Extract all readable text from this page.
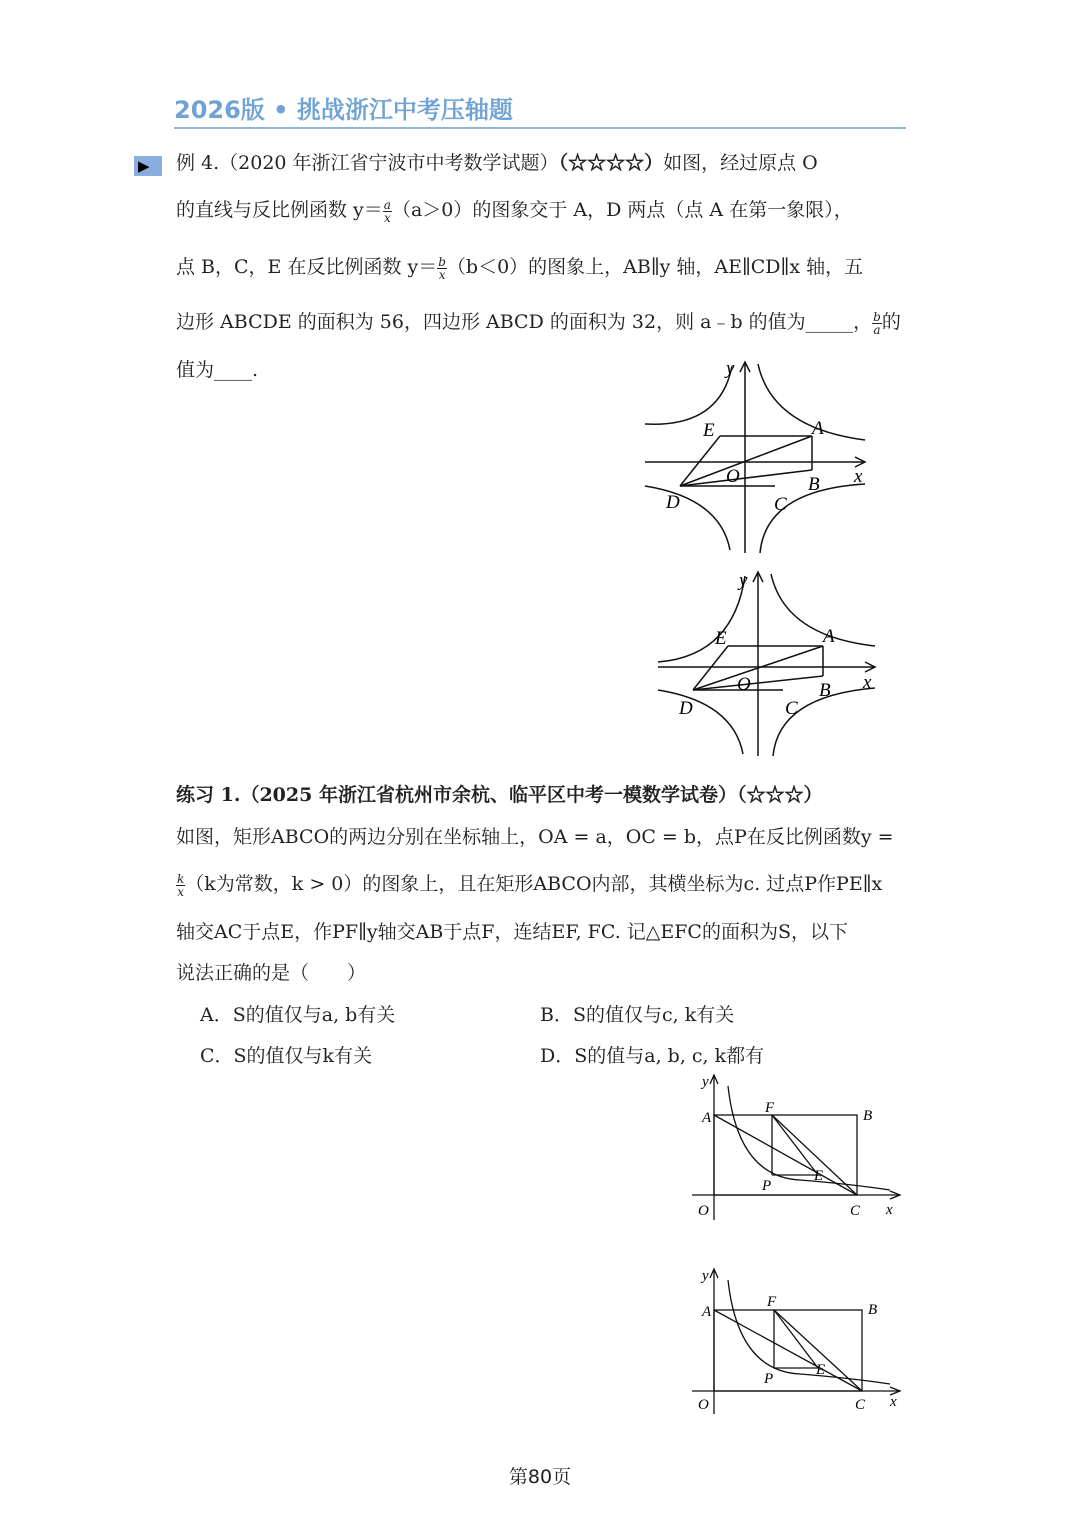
2026版 • 挑战浙江中考压轴题
▶ 例 4.（2020 年浙江省宁波市中考数学试题）（☆☆☆☆）如图，经过原点 O
的直线与反比例函数 $y= \frac{a}{x} (a>0)$的图象交于 A，D 两点（点 A 在第一象限），
点 B，C，E 在反比例函数 $y= \frac{b}{x} (b<0)$的图象上，AB∥y 轴，AE∥CD∥x 轴，五
边形 ABCDE 的面积为 56，四边形 ABCD 的面积为 32，则 a﹣b 的值为_____， $\frac{b}{a}$ 的
值为____.	y
x
A
B
C
D
E
O
y
x
A
B
C
D
E
O
练习 1.（2025 年浙江省杭州市余杭、临平区中考一模数学试卷）（☆☆☆）
如图，矩形ABCO的两边分别在坐标轴上，OA = a，OC = b，点P在反比例函数y =
$\frac{k}{x} (k$为常数，k > 0）的图象上，且在矩形ABCO内部，其横坐标为c. 过点P作PE∥x
轴交AC于点E，作PF∥y轴交AB于点F，连结EF, FC. 记△EFC的面积为S，以下
说法正确的是（　　）
A．S的值仅与a, b有关	B．S的值仅与c, k有关
C．S的值仅与k有关	D．S的值与a, b, c, k都有
y
x
A	B
C
O
F
E
P
y
x
A	B
C
O
F
E
P
第80页
